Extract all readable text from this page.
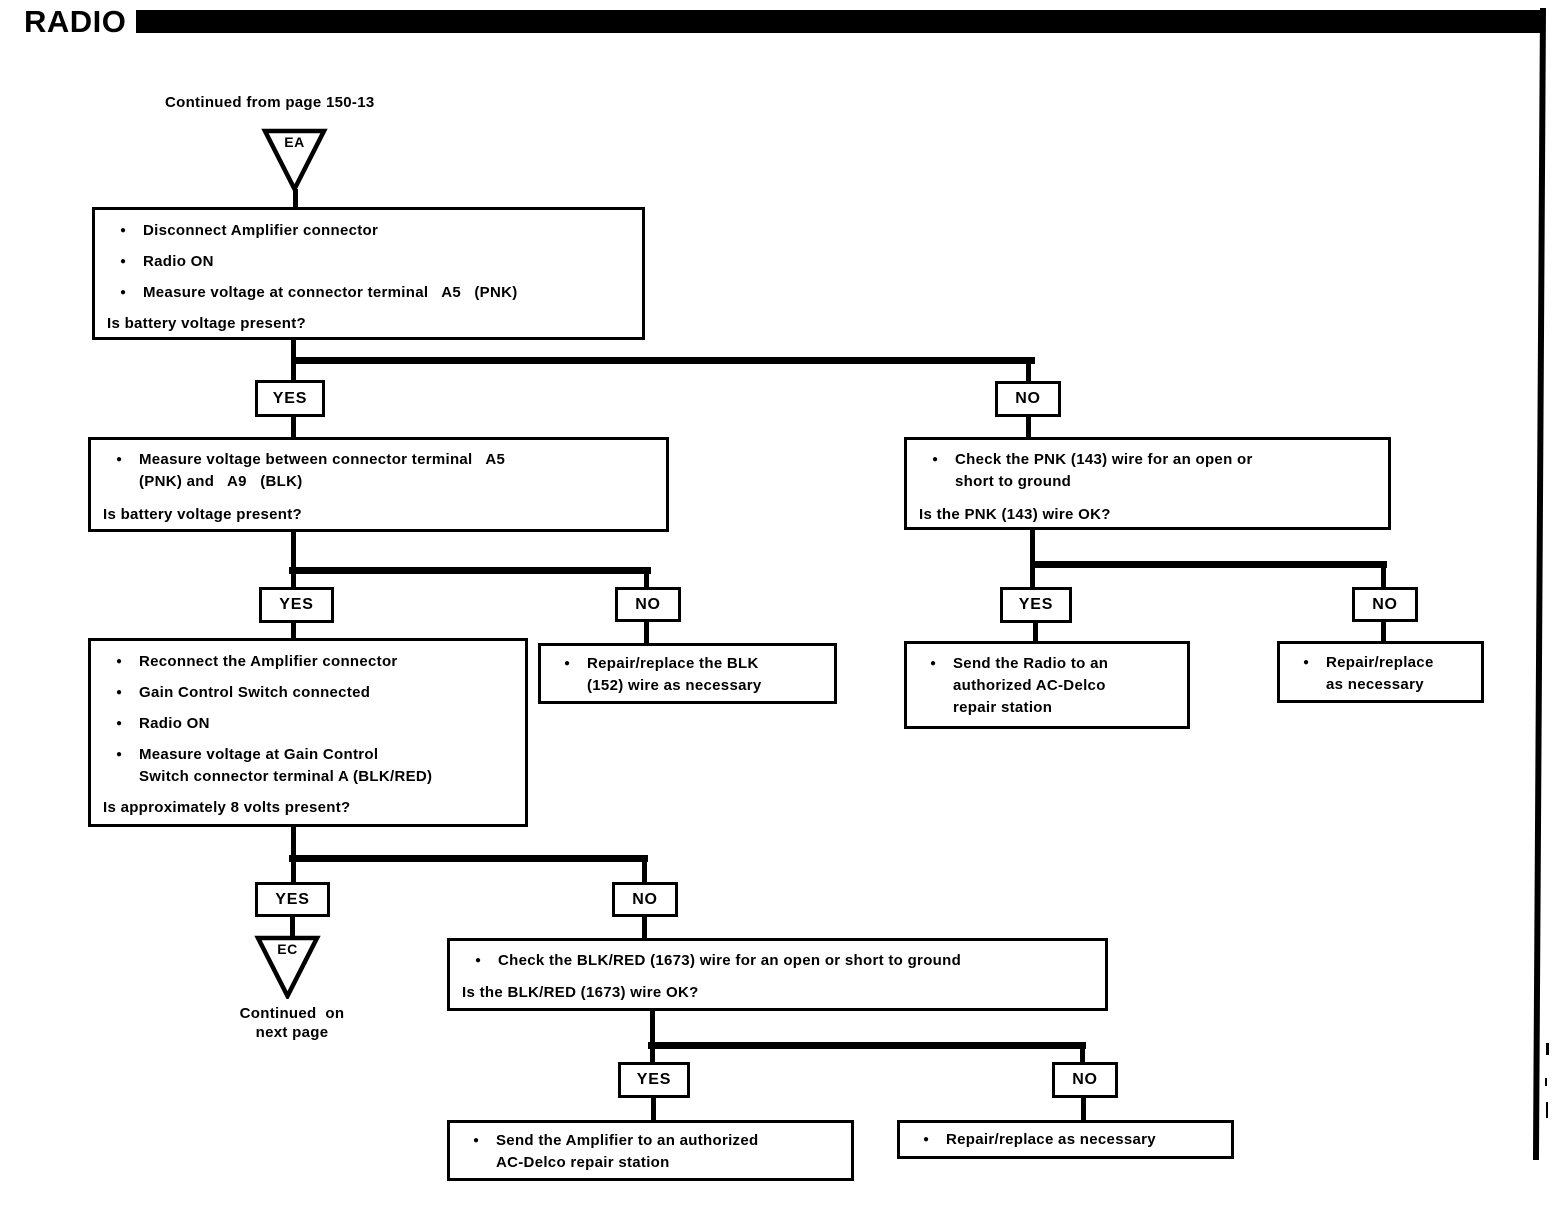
RADIO
Continued from page 150-13
EA
●	Disconnect Amplifier connector
●	Radio ON
●	Measure voltage at connector terminal   A5   (PNK)
Is battery voltage present?
YES	NO
●	Measure voltage between connector terminal   A5
(PNK) and   A9   (BLK)
Is battery voltage present?
●	Check the PNK (143) wire for an open or
short to ground
Is the PNK (143) wire OK?
YES	NO	YES	NO
●	Reconnect the Amplifier connector
●	Gain Control Switch connected
●	Radio ON
●	Measure voltage at Gain Control
Switch connector terminal A (BLK/RED)
Is approximately 8 volts present?
●	Repair/replace the BLK
(152) wire as necessary
●	Send the Radio to an
authorized AC-Delco
repair station
●	Repair/replace
as necessary
YES	NO
EC
Continued  on
next page
●	Check the BLK/RED (1673) wire for an open or short to ground
Is the BLK/RED (1673) wire OK?
YES	NO
●	Send the Amplifier to an authorized
AC-Delco repair station
●	Repair/replace as necessary
